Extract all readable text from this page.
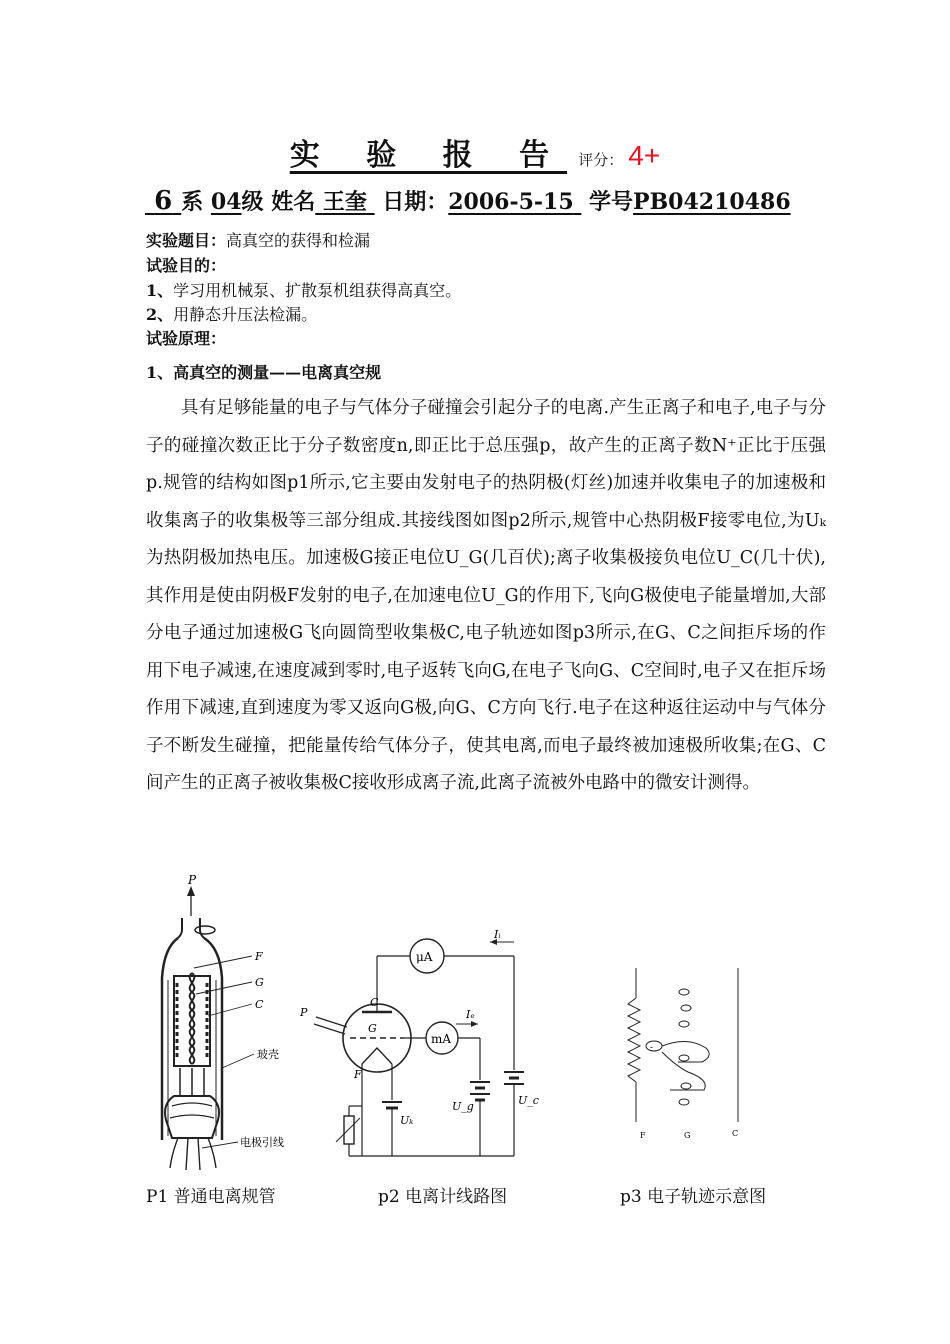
实 验 报 告 评分： 4+
6 系 04级 姓名 王奎 日期：2006-5-15 学号PB04210486
实验题目：高真空的获得和检漏
试验目的：
1、学习用机械泵、扩散泵机组获得高真空。
2、用静态升压法检漏。
试验原理：
1、高真空的测量——电离真空规

具有足够能量的电子与气体分子碰撞会引起分子的电离.产生正离子和电子,电子与分子的碰撞次数正比于分子数密度n,即正比于总压强p，故产生的正离子数N⁺正比于压强p.规管的结构如图p1所示,它主要由发射电子的热阴极(灯丝)加速并收集电子的加速极和收集离子的收集极等三部分组成.其接线图如图p2所示,规管中心热阴极F接零电位,为Uₖ为热阴极加热电压。加速极G接正电位U_G(几百伏);离子收集极接负电位U_C(几十伏),其作用是使由阴极F发射的电子,在加速电位U_G的作用下,飞向G极使电子能量增加,大部分电子通过加速极G飞向圆筒型收集极C,电子轨迹如图p3所示,在G、C之间拒斥场的作用下电子减速,在速度减到零时,电子返转飞向G,在电子飞向G、C空间时,电子又在拒斥场作用下减速,直到速度为零又返向G极,向G、C方向飞行.电子在这种返往运动中与气体分子不断发生碰撞，把能量传给气体分子，使其电离,而电子最终被加速极所收集;在G、C间产生的正离子被收集极C接收形成离子流,此离子流被外电路中的微安计测得。

P
F
G
C
玻壳
电极引线
μA
Iᵢ
C
G
F
P
mA
Iₑ
U_g	U_c
Uₖ
-
F	G	C
P1 普通电离规管	p2 电离计线路图	p3 电子轨迹示意图
